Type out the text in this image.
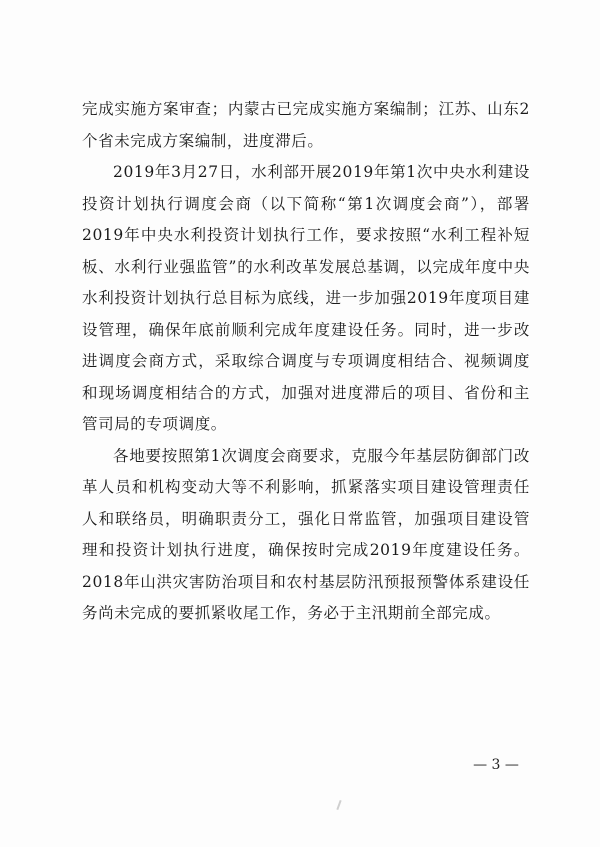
完成实施方案审查；内蒙古已完成实施方案编制；江苏、山东2个省未完成方案编制，进度滞后。

2019年3月27日，水利部开展2019年第1次中央水利建设投资计划执行调度会商（以下简称“第1次调度会商”），部署2019年中央水利投资计划执行工作，要求按照“水利工程补短板、水利行业强监管”的水利改革发展总基调，以完成年度中央水利投资计划执行总目标为底线，进一步加强2019年度项目建设管理，确保年底前顺利完成年度建设任务。同时，进一步改进调度会商方式，采取综合调度与专项调度相结合、视频调度和现场调度相结合的方式，加强对进度滞后的项目、省份和主管司局的专项调度。

各地要按照第1次调度会商要求，克服今年基层防御部门改革人员和机构变动大等不利影响，抓紧落实项目建设管理责任人和联络员，明确职责分工，强化日常监管，加强项目建设管理和投资计划执行进度，确保按时完成2019年度建设任务。2018年山洪灾害防治项目和农村基层防汛预报预警体系建设任务尚未完成的要抓紧收尾工作，务必于主汛期前全部完成。

— 3 —
